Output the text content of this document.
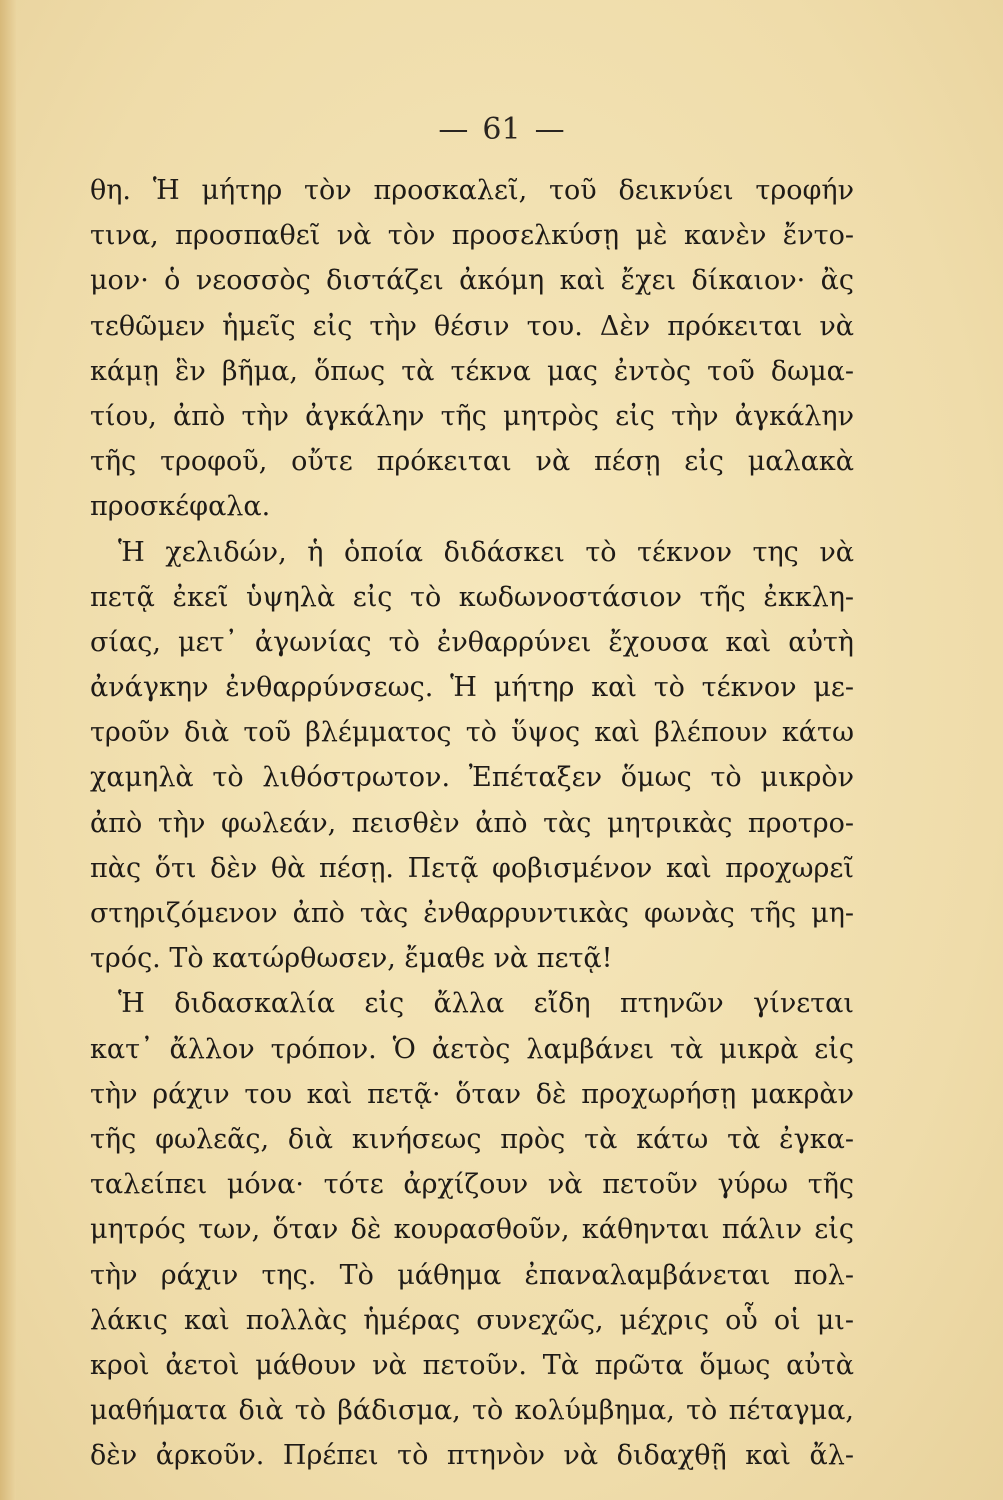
— 61 —
θη. Ἡ μήτηρ τὸν προσκαλεῖ, τοῦ δεικνύει τροφήν
τινα, προσπαθεῖ νὰ τὸν προσελκύσῃ μὲ κανὲν ἔντο-
μον· ὁ νεοσσὸς διστάζει ἀκόμη καὶ ἔχει δίκαιον· ἂς
τεθῶμεν ἡμεῖς εἰς τὴν θέσιν του. Δὲν πρόκειται νὰ
κάμῃ ἓν βῆμα, ὅπως τὰ τέκνα μας ἐντὸς τοῦ δωμα-
τίου, ἀπὸ τὴν ἀγκάλην τῆς μητρὸς εἰς τὴν ἀγκάλην
τῆς τροφοῦ, οὔτε πρόκειται νὰ πέσῃ εἰς μαλακὰ
προσκέφαλα.
Ἡ χελιδών, ἡ ὁποία διδάσκει τὸ τέκνον της νὰ
πετᾷ ἐκεῖ ὑψηλὰ εἰς τὸ κωδωνοστάσιον τῆς ἐκκλη-
σίας, μετ᾽ ἀγωνίας τὸ ἐνθαρρύνει ἔχουσα καὶ αὐτὴ
ἀνάγκην ἐνθαρρύνσεως. Ἡ μήτηρ καὶ τὸ τέκνον με-
τροῦν διὰ τοῦ βλέμματος τὸ ὕψος καὶ βλέπουν κάτω
χαμηλὰ τὸ λιθόστρωτον. Ἐπέταξεν ὅμως τὸ μικρὸν
ἀπὸ τὴν φωλεάν, πεισθὲν ἀπὸ τὰς μητρικὰς προτρο-
πὰς ὅτι δὲν θὰ πέσῃ. Πετᾷ φοβισμένον καὶ προχωρεῖ
στηριζόμενον ἀπὸ τὰς ἐνθαρρυντικὰς φωνὰς τῆς μη-
τρός. Τὸ κατώρθωσεν, ἔμαθε νὰ πετᾷ!
Ἡ διδασκαλία εἰς ἄλλα εἴδη πτηνῶν γίνεται
κατ᾽ ἄλλον τρόπον. Ὁ ἀετὸς λαμβάνει τὰ μικρὰ εἰς
τὴν ράχιν του καὶ πετᾷ· ὅταν δὲ προχωρήσῃ μακρὰν
τῆς φωλεᾶς, διὰ κινήσεως πρὸς τὰ κάτω τὰ ἐγκα-
ταλείπει μόνα· τότε ἀρχίζουν νὰ πετοῦν γύρω τῆς
μητρός των, ὅταν δὲ κουρασθοῦν, κάθηνται πάλιν εἰς
τὴν ράχιν της. Τὸ μάθημα ἐπαναλαμβάνεται πολ-
λάκις καὶ πολλὰς ἡμέρας συνεχῶς, μέχρις οὗ οἱ μι-
κροὶ ἀετοὶ μάθουν νὰ πετοῦν. Τὰ πρῶτα ὅμως αὐτὰ
μαθήματα διὰ τὸ βάδισμα, τὸ κολύμβημα, τὸ πέταγμα,
δὲν ἀρκοῦν. Πρέπει τὸ πτηνὸν νὰ διδαχθῇ καὶ ἄλ-
